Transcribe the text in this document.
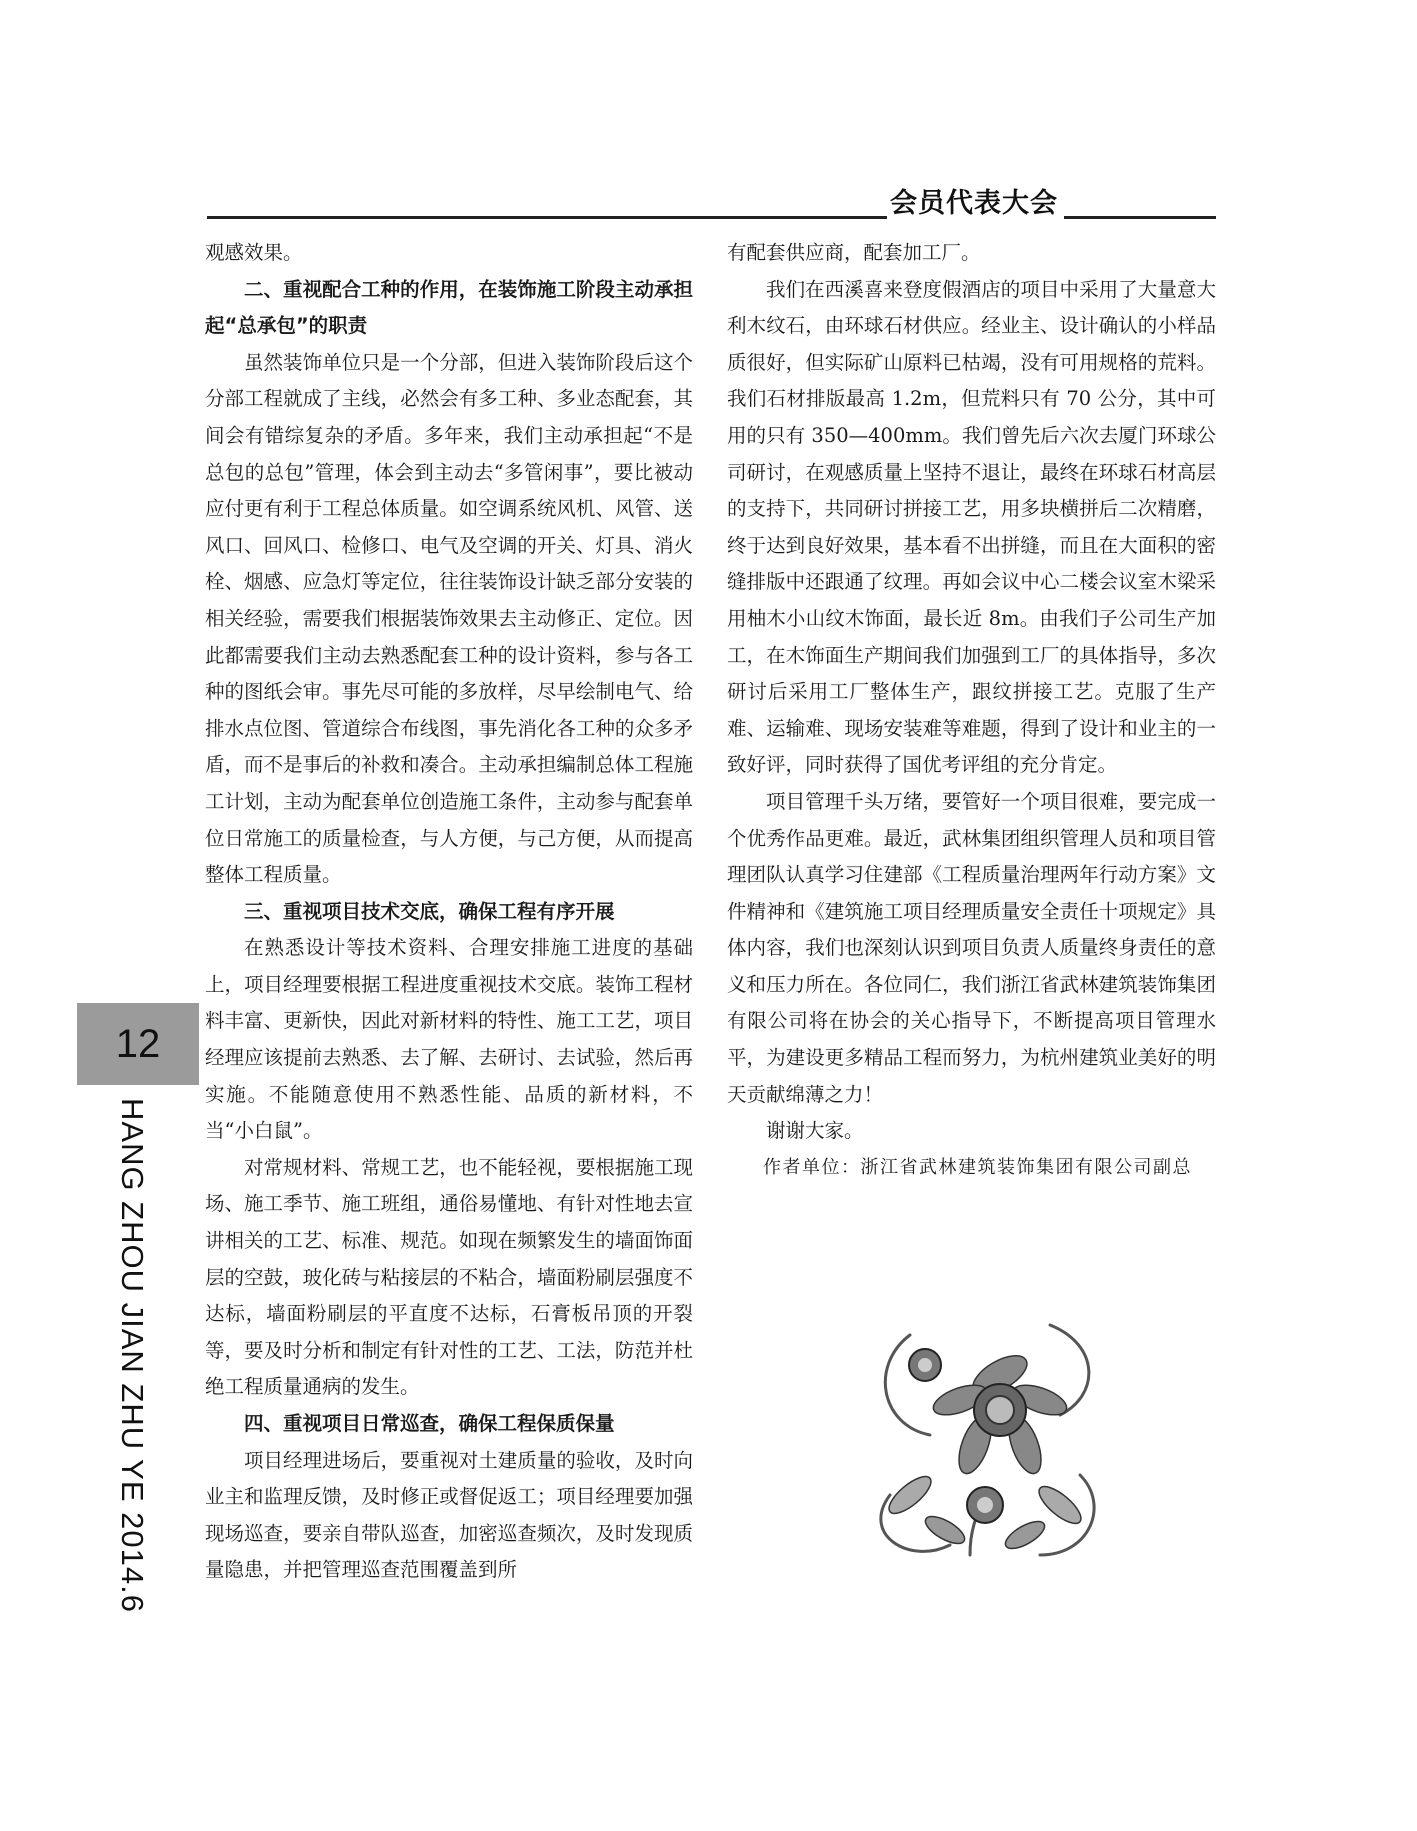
会员代表大会
12
HANG ZHOU JIAN ZHU YE 2014.6

观感效果。

二、重视配合工种的作用，在装饰施工阶段主动承担起“总承包”的职责

虽然装饰单位只是一个分部，但进入装饰阶段后这个分部工程就成了主线，必然会有多工种、多业态配套，其间会有错综复杂的矛盾。多年来，我们主动承担起“不是总包的总包”管理，体会到主动去“多管闲事”，要比被动应付更有利于工程总体质量。如空调系统风机、风管、送风口、回风口、检修口、电气及空调的开关、灯具、消火栓、烟感、应急灯等定位，往往装饰设计缺乏部分安装的相关经验，需要我们根据装饰效果去主动修正、定位。因此都需要我们主动去熟悉配套工种的设计资料，参与各工种的图纸会审。事先尽可能的多放样，尽早绘制电气、给排水点位图、管道综合布线图，事先消化各工种的众多矛盾，而不是事后的补救和凑合。主动承担编制总体工程施工计划，主动为配套单位创造施工条件，主动参与配套单位日常施工的质量检查，与人方便，与己方便，从而提高整体工程质量。

三、重视项目技术交底，确保工程有序开展

在熟悉设计等技术资料、合理安排施工进度的基础上，项目经理要根据工程进度重视技术交底。装饰工程材料丰富、更新快，因此对新材料的特性、施工工艺，项目经理应该提前去熟悉、去了解、去研讨、去试验，然后再实施。不能随意使用不熟悉性能、品质的新材料，不当“小白鼠”。

对常规材料、常规工艺，也不能轻视，要根据施工现场、施工季节、施工班组，通俗易懂地、有针对性地去宣讲相关的工艺、标准、规范。如现在频繁发生的墙面饰面层的空鼓，玻化砖与粘接层的不粘合，墙面粉刷层强度不达标，墙面粉刷层的平直度不达标，石膏板吊顶的开裂等，要及时分析和制定有针对性的工艺、工法，防范并杜绝工程质量通病的发生。

四、重视项目日常巡查，确保工程保质保量

项目经理进场后，要重视对土建质量的验收，及时向业主和监理反馈，及时修正或督促返工；项目经理要加强现场巡查，要亲自带队巡查，加密巡查频次，及时发现质量隐患，并把管理巡查范围覆盖到所

有配套供应商，配套加工厂。

我们在西溪喜来登度假酒店的项目中采用了大量意大利木纹石，由环球石材供应。经业主、设计确认的小样品质很好，但实际矿山原料已枯竭，没有可用规格的荒料。我们石材排版最高 1.2m，但荒料只有 70 公分，其中可用的只有 350—400mm。我们曾先后六次去厦门环球公司研讨，在观感质量上坚持不退让，最终在环球石材高层的支持下，共同研讨拼接工艺，用多块横拼后二次精磨，终于达到良好效果，基本看不出拼缝，而且在大面积的密缝排版中还跟通了纹理。再如会议中心二楼会议室木梁采用柚木小山纹木饰面，最长近 8m。由我们子公司生产加工，在木饰面生产期间我们加强到工厂的具体指导，多次研讨后采用工厂整体生产，跟纹拼接工艺。克服了生产难、运输难、现场安装难等难题，得到了设计和业主的一致好评，同时获得了国优考评组的充分肯定。

项目管理千头万绪，要管好一个项目很难，要完成一个优秀作品更难。最近，武林集团组织管理人员和项目管理团队认真学习住建部《工程质量治理两年行动方案》文件精神和《建筑施工项目经理质量安全责任十项规定》具体内容，我们也深刻认识到项目负责人质量终身责任的意义和压力所在。各位同仁，我们浙江省武林建筑装饰集团有限公司将在协会的关心指导下，不断提高项目管理水平，为建设更多精品工程而努力，为杭州建筑业美好的明天贡献绵薄之力！

谢谢大家。

作者单位：浙江省武林建筑装饰集团有限公司副总
